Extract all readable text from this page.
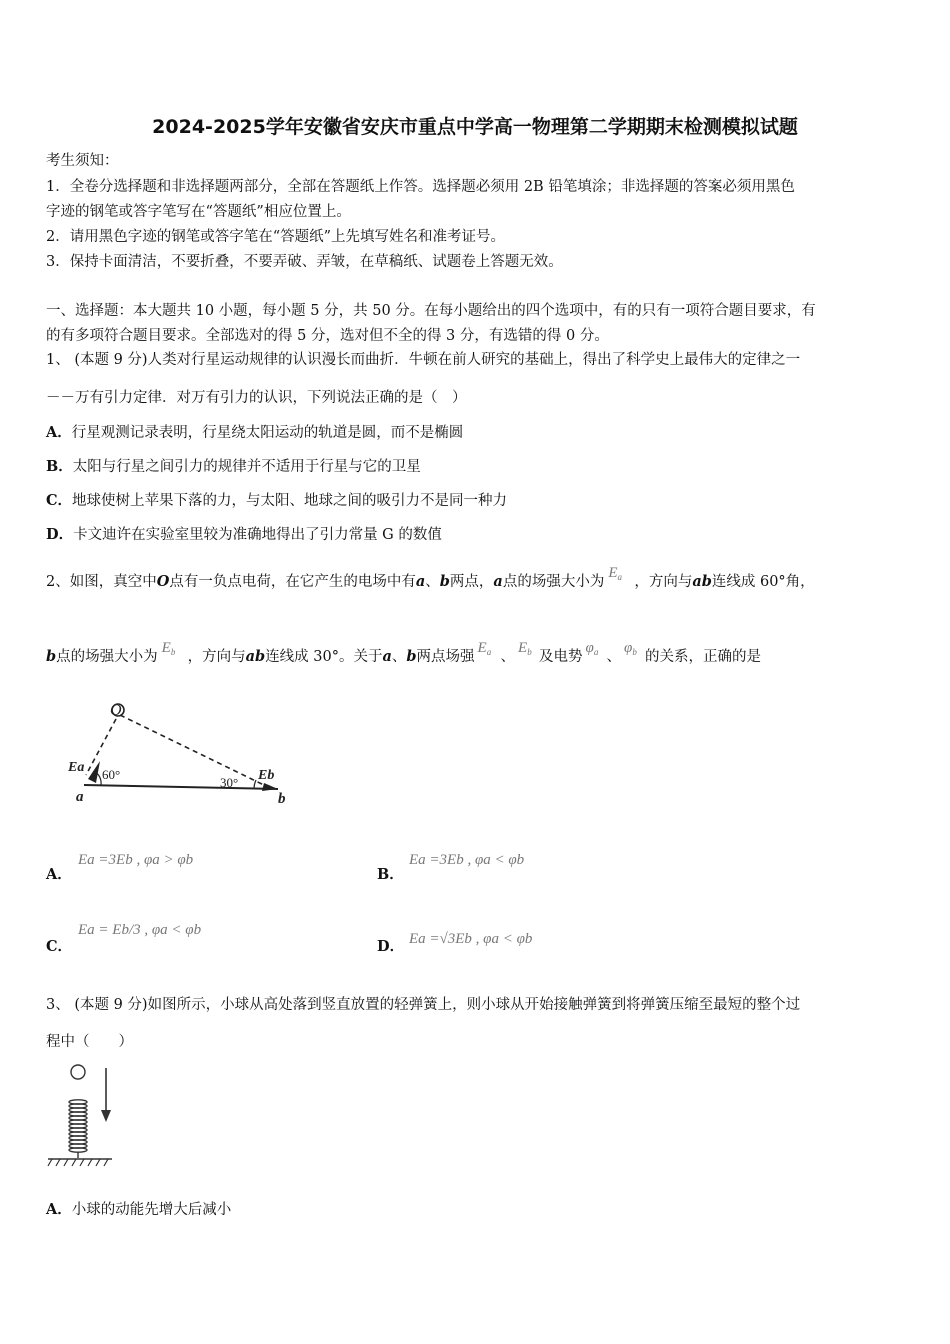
2024-2025学年安徽省安庆市重点中学高一物理第二学期期末检测模拟试题
考生须知：
1．全卷分选择题和非选择题两部分，全部在答题纸上作答。选择题必须用 2B 铅笔填涂；非选择题的答案必须用黑色
字迹的钢笔或答字笔写在“答题纸”相应位置上。
2．请用黑色字迹的钢笔或答字笔在“答题纸”上先填写姓名和准考证号。
3．保持卡面清洁，不要折叠，不要弄破、弄皱，在草稿纸、试题卷上答题无效。
一、选择题：本大题共 10 小题，每小题 5 分，共 50 分。在每小题给出的四个选项中，有的只有一项符合题目要求，有
的有多项符合题目要求。全部选对的得 5 分，选对但不全的得 3 分，有选错的得 0 分。
1、 (本题 9 分)人类对行星运动规律的认识漫长而曲折．牛顿在前人研究的基础上，得出了科学史上最伟大的定律之一
－－万有引力定律．对万有引力的认识，下列说法正确的是（　）
A．行星观测记录表明，行星绕太阳运动的轨道是圆，而不是椭圆
B．太阳与行星之间引力的规律并不适用于行星与它的卫星
C．地球使树上苹果下落的力，与太阳、地球之间的吸引力不是同一种力
D．卡文迪许在实验室里较为准确地得出了引力常量 G 的数值
2、如图，真空中O点有一负点电荷，在它产生的电场中有a、b两点，a点的场强大小为$E_a$ ，方向与ab连线成 60°角，
b点的场强大小为$E_b$ ，方向与ab连线成 30°。关于a、b两点场强$E_a$ 、$E_b$ 及电势$\varphi_a$ 、$\varphi_b$ 的关系，正确的是
O
Ea 60°
a
30° Eb
b
A．
Ea =3Eb , φa > φb
B．
Ea =3Eb , φa < φb
C．
Ea = Eb/3 , φa < φb
D． Ea =√3Eb , φa < φb
3、 (本题 9 分)如图所示，小球从高处落到竖直放置的轻弹簧上，则小球从开始接触弹簧到将弹簧压缩至最短的整个过
程中（　　）
A．小球的动能先增大后减小
